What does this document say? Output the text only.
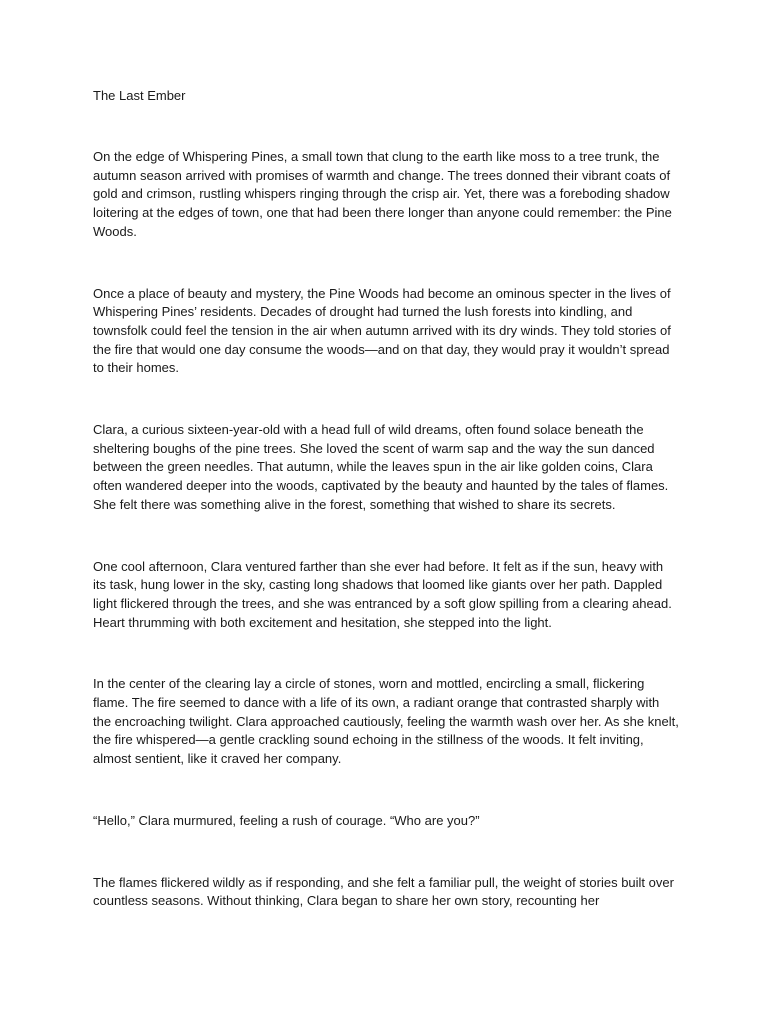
The Last Ember

On the edge of Whispering Pines, a small town that clung to the earth like moss to a tree trunk, the autumn season arrived with promises of warmth and change. The trees donned their vibrant coats of gold and crimson, rustling whispers ringing through the crisp air. Yet, there was a foreboding shadow loitering at the edges of town, one that had been there longer than anyone could remember: the Pine Woods.

Once a place of beauty and mystery, the Pine Woods had become an ominous specter in the lives of Whispering Pines’ residents. Decades of drought had turned the lush forests into kindling, and townsfolk could feel the tension in the air when autumn arrived with its dry winds. They told stories of the fire that would one day consume the woods—and on that day, they would pray it wouldn’t spread to their homes.

Clara, a curious sixteen-year-old with a head full of wild dreams, often found solace beneath the sheltering boughs of the pine trees. She loved the scent of warm sap and the way the sun danced between the green needles. That autumn, while the leaves spun in the air like golden coins, Clara often wandered deeper into the woods, captivated by the beauty and haunted by the tales of flames. She felt there was something alive in the forest, something that wished to share its secrets.

One cool afternoon, Clara ventured farther than she ever had before. It felt as if the sun, heavy with its task, hung lower in the sky, casting long shadows that loomed like giants over her path. Dappled light flickered through the trees, and she was entranced by a soft glow spilling from a clearing ahead. Heart thrumming with both excitement and hesitation, she stepped into the light.

In the center of the clearing lay a circle of stones, worn and mottled, encircling a small, flickering flame. The fire seemed to dance with a life of its own, a radiant orange that contrasted sharply with the encroaching twilight. Clara approached cautiously, feeling the warmth wash over her. As she knelt, the fire whispered—a gentle crackling sound echoing in the stillness of the woods. It felt inviting, almost sentient, like it craved her company.

“Hello,” Clara murmured, feeling a rush of courage. “Who are you?”

The flames flickered wildly as if responding, and she felt a familiar pull, the weight of stories built over countless seasons. Without thinking, Clara began to share her own story, recounting her
